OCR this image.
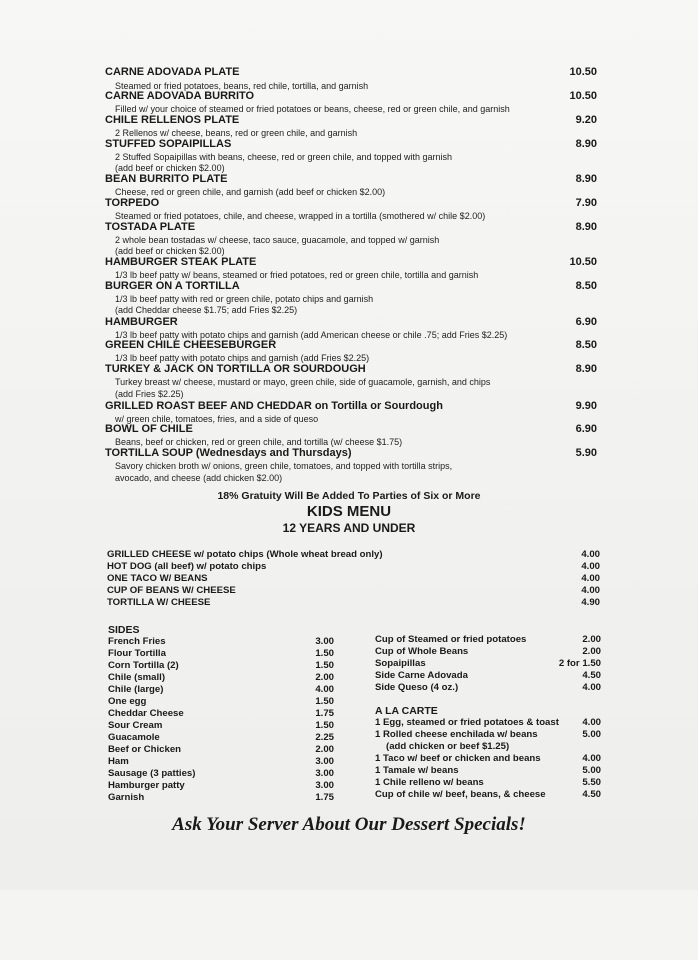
CARNE ADOVADA PLATE	10.50
Steamed or fried potatoes, beans, red chile, tortilla, and garnish
CARNE ADOVADA BURRITO	10.50
Filled w/ your choice of steamed or fried potatoes or beans, cheese, red or green chile, and garnish
CHILE RELLENOS PLATE	9.20
2 Rellenos w/ cheese, beans, red or green chile, and garnish
STUFFED SOPAIPILLAS	8.90
2 Stuffed Sopaipillas with beans, cheese, red or green chile, and topped with garnish
(add beef or chicken $2.00)
BEAN BURRITO PLATE	8.90
Cheese, red or green chile, and garnish (add beef or chicken $2.00)
TORPEDO	7.90
Steamed or fried potatoes, chile, and cheese, wrapped in a tortilla (smothered w/ chile $2.00)
TOSTADA PLATE	8.90
2 whole bean tostadas w/ cheese, taco sauce, guacamole, and topped w/ garnish
(add beef or chicken $2.00)
HAMBURGER STEAK PLATE	10.50
1/3 lb beef patty w/ beans, steamed or fried potatoes, red or green chile, tortilla and garnish
BURGER ON A TORTILLA	8.50
1/3 lb beef patty with red or green chile, potato chips and garnish
(add Cheddar cheese $1.75; add Fries $2.25)
HAMBURGER	6.90
1/3 lb beef patty with potato chips and garnish (add American cheese or chile .75; add Fries $2.25)
GREEN CHILE CHEESEBURGER	8.50
1/3 lb beef patty with potato chips and garnish (add Fries $2.25)
TURKEY & JACK ON TORTILLA OR SOURDOUGH	8.90
Turkey breast w/ cheese, mustard or mayo, green chile, side of guacamole, garnish, and chips
(add Fries $2.25)
GRILLED ROAST BEEF AND CHEDDAR on Tortilla or Sourdough	9.90
w/ green chile, tomatoes, fries, and a side of queso
BOWL OF CHILE	6.90
Beans, beef or chicken, red or green chile, and tortilla (w/ cheese $1.75)
TORTILLA SOUP (Wednesdays and Thursdays)	5.90
Savory chicken broth w/ onions, green chile, tomatoes, and topped with tortilla strips,
avocado, and cheese (add chicken $2.00)
18% Gratuity Will Be Added To Parties of Six or More
KIDS MENU
12 YEARS AND UNDER
GRILLED CHEESE w/ potato chips (Whole wheat bread only)	4.00
HOT DOG (all beef) w/ potato chips	4.00
ONE TACO W/ BEANS	4.00
CUP OF BEANS W/ CHEESE	4.00
TORTILLA W/ CHEESE	4.90
SIDES
French Fries	3.00
Flour Tortilla	1.50
Corn Tortilla (2)	1.50
Chile (small)	2.00
Chile (large)	4.00
One egg	1.50
Cheddar Cheese	1.75
Sour Cream	1.50
Guacamole	2.25
Beef or Chicken	2.00
Ham	3.00
Sausage (3 patties)	3.00
Hamburger patty	3.00
Garnish	1.75
Cup of Steamed or fried potatoes	2.00
Cup of Whole Beans	2.00
Sopaipillas	2 for 1.50
Side Carne Adovada	4.50
Side Queso (4 oz.)	4.00
A LA CARTE
1 Egg, steamed or fried potatoes & toast 4.00
1 Rolled cheese enchilada w/ beans	5.00
(add chicken or beef $1.25)
1 Taco w/ beef or chicken and beans	4.00
1 Tamale w/ beans	5.00
1 Chile relleno w/ beans	5.50
Cup of chile w/ beef, beans, & cheese	4.50
Ask Your Server About Our Dessert Specials!
